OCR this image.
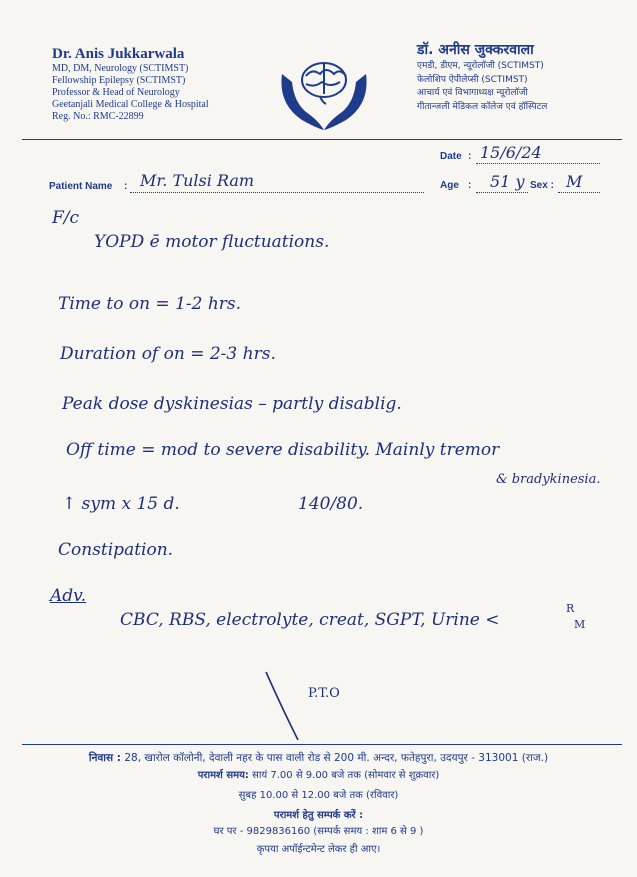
Dr. Anis Jukkarwala
MD, DM, Neurology (SCTIMST)
Fellowship Epilepsy (SCTIMST)
Professor & Head of Neurology
Geetanjali Medical College & Hospital
Reg. No.: RMC-22899
डॉ. अनीस जुक्करवाला
एमडी, डीएम, न्यूरोलॉजी (SCTIMST)
फेलोशिप ऐपीलेप्सी (SCTIMST)
आचार्य एवं विभागाध्यक्ष न्यूरोलॉजी
गीतान्जली मेडिकल कॉलेज एवं हॉस्पिटल
Date : 15/6/24
Patient Name : Mr. Tulsi Ram	Age : 51 y Sex : M
F/c
YOPD ē motor fluctuations.
Time to on = 1-2 hrs.
Duration of on = 2-3 hrs.
Peak dose dyskinesias – partly disablig.
Off time = mod to severe disability. Mainly tremor
& bradykinesia.
↑ sym x 15 d.	140/80.
Constipation.
Adv.
CBC, RBS, electrolyte, creat, SGPT, Urine <
R
M
P.T.O
निवास : 28, खारोल कॉलोनी, देवाली नहर के पास वाली रोड से 200 मी. अन्दर, फतेहपुरा, उदयपुर - 313001 (राज.)
परामर्श समय: सायं 7.00 से 9.00 बजे तक (सोमवार से शुक्रवार)
सुबह 10.00 से 12.00 बजे तक (रविवार)
परामर्श हेतु सम्पर्क करें :
घर पर - 9829836160 (सम्पर्क समय : शाम 6 से 9 )
कृपया अपॉईन्टमेन्ट लेकर ही आए।
